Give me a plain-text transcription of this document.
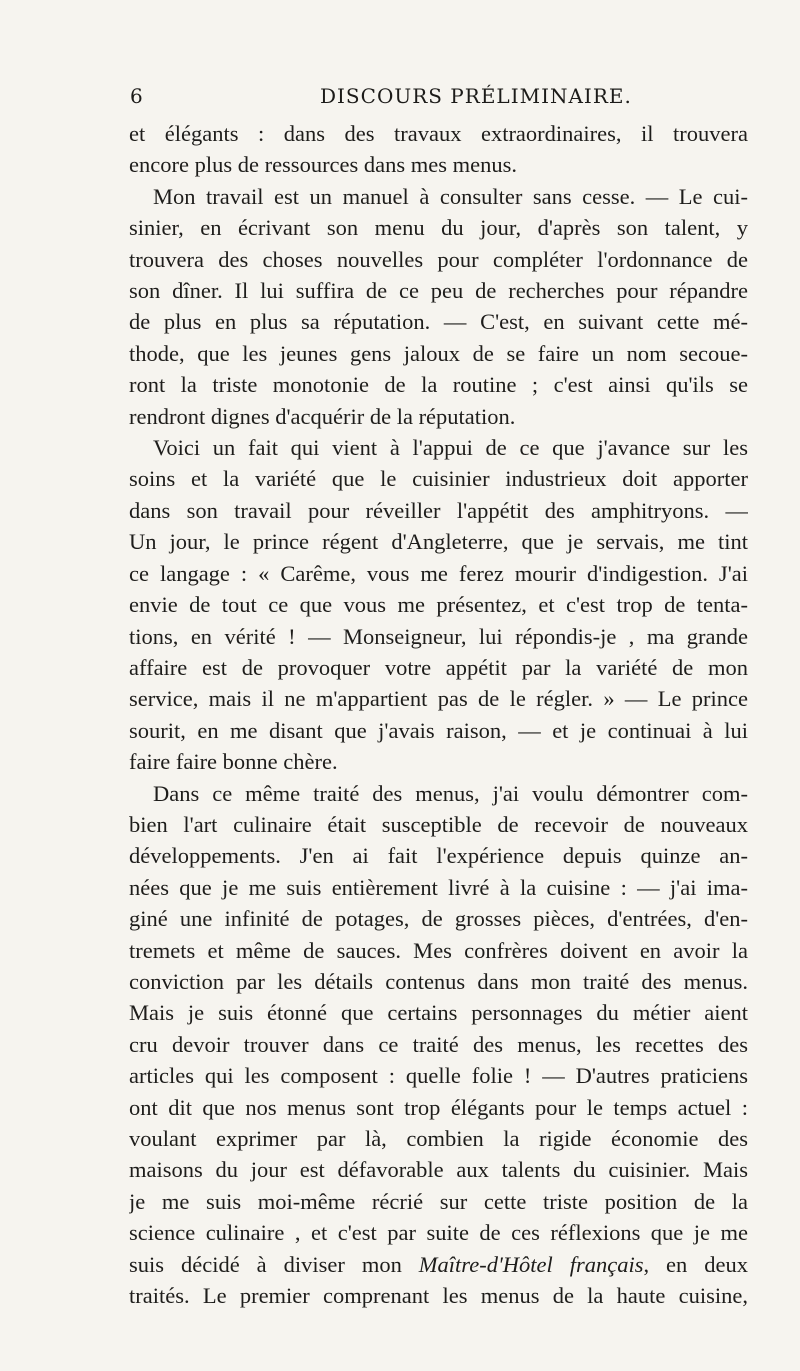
6	DISCOURS PRÉLIMINAIRE.
et élégants : dans des travaux extraordinaires, il trouvera
encore plus de ressources dans mes menus.
Mon travail est un manuel à consulter sans cesse. — Le cui-
sinier, en écrivant son menu du jour, d'après son talent, y
trouvera des choses nouvelles pour compléter l'ordonnance de
son dîner. Il lui suffira de ce peu de recherches pour répandre
de plus en plus sa réputation. — C'est, en suivant cette mé-
thode, que les jeunes gens jaloux de se faire un nom secoue-
ront la triste monotonie de la routine ; c'est ainsi qu'ils se
rendront dignes d'acquérir de la réputation.
Voici un fait qui vient à l'appui de ce que j'avance sur les
soins et la variété que le cuisinier industrieux doit apporter
dans son travail pour réveiller l'appétit des amphitryons. —
Un jour, le prince régent d'Angleterre, que je servais, me tint
ce langage : « Carême, vous me ferez mourir d'indigestion. J'ai
envie de tout ce que vous me présentez, et c'est trop de tenta-
tions, en vérité ! — Monseigneur, lui répondis-je , ma grande
affaire est de provoquer votre appétit par la variété de mon
service, mais il ne m'appartient pas de le régler. » — Le prince
sourit, en me disant que j'avais raison, — et je continuai à lui
faire faire bonne chère.
Dans ce même traité des menus, j'ai voulu démontrer com-
bien l'art culinaire était susceptible de recevoir de nouveaux
développements. J'en ai fait l'expérience depuis quinze an-
nées que je me suis entièrement livré à la cuisine : — j'ai ima-
giné une infinité de potages, de grosses pièces, d'entrées, d'en-
tremets et même de sauces. Mes confrères doivent en avoir la
conviction par les détails contenus dans mon traité des menus.
Mais je suis étonné que certains personnages du métier aient
cru devoir trouver dans ce traité des menus, les recettes des
articles qui les composent : quelle folie ! — D'autres praticiens
ont dit que nos menus sont trop élégants pour le temps actuel :
voulant exprimer par là, combien la rigide économie des
maisons du jour est défavorable aux talents du cuisinier. Mais
je me suis moi-même récrié sur cette triste position de la
science culinaire , et c'est par suite de ces réflexions que je me
suis décidé à diviser mon Maître-d'Hôtel français, en deux
traités. Le premier comprenant les menus de la haute cuisine,
